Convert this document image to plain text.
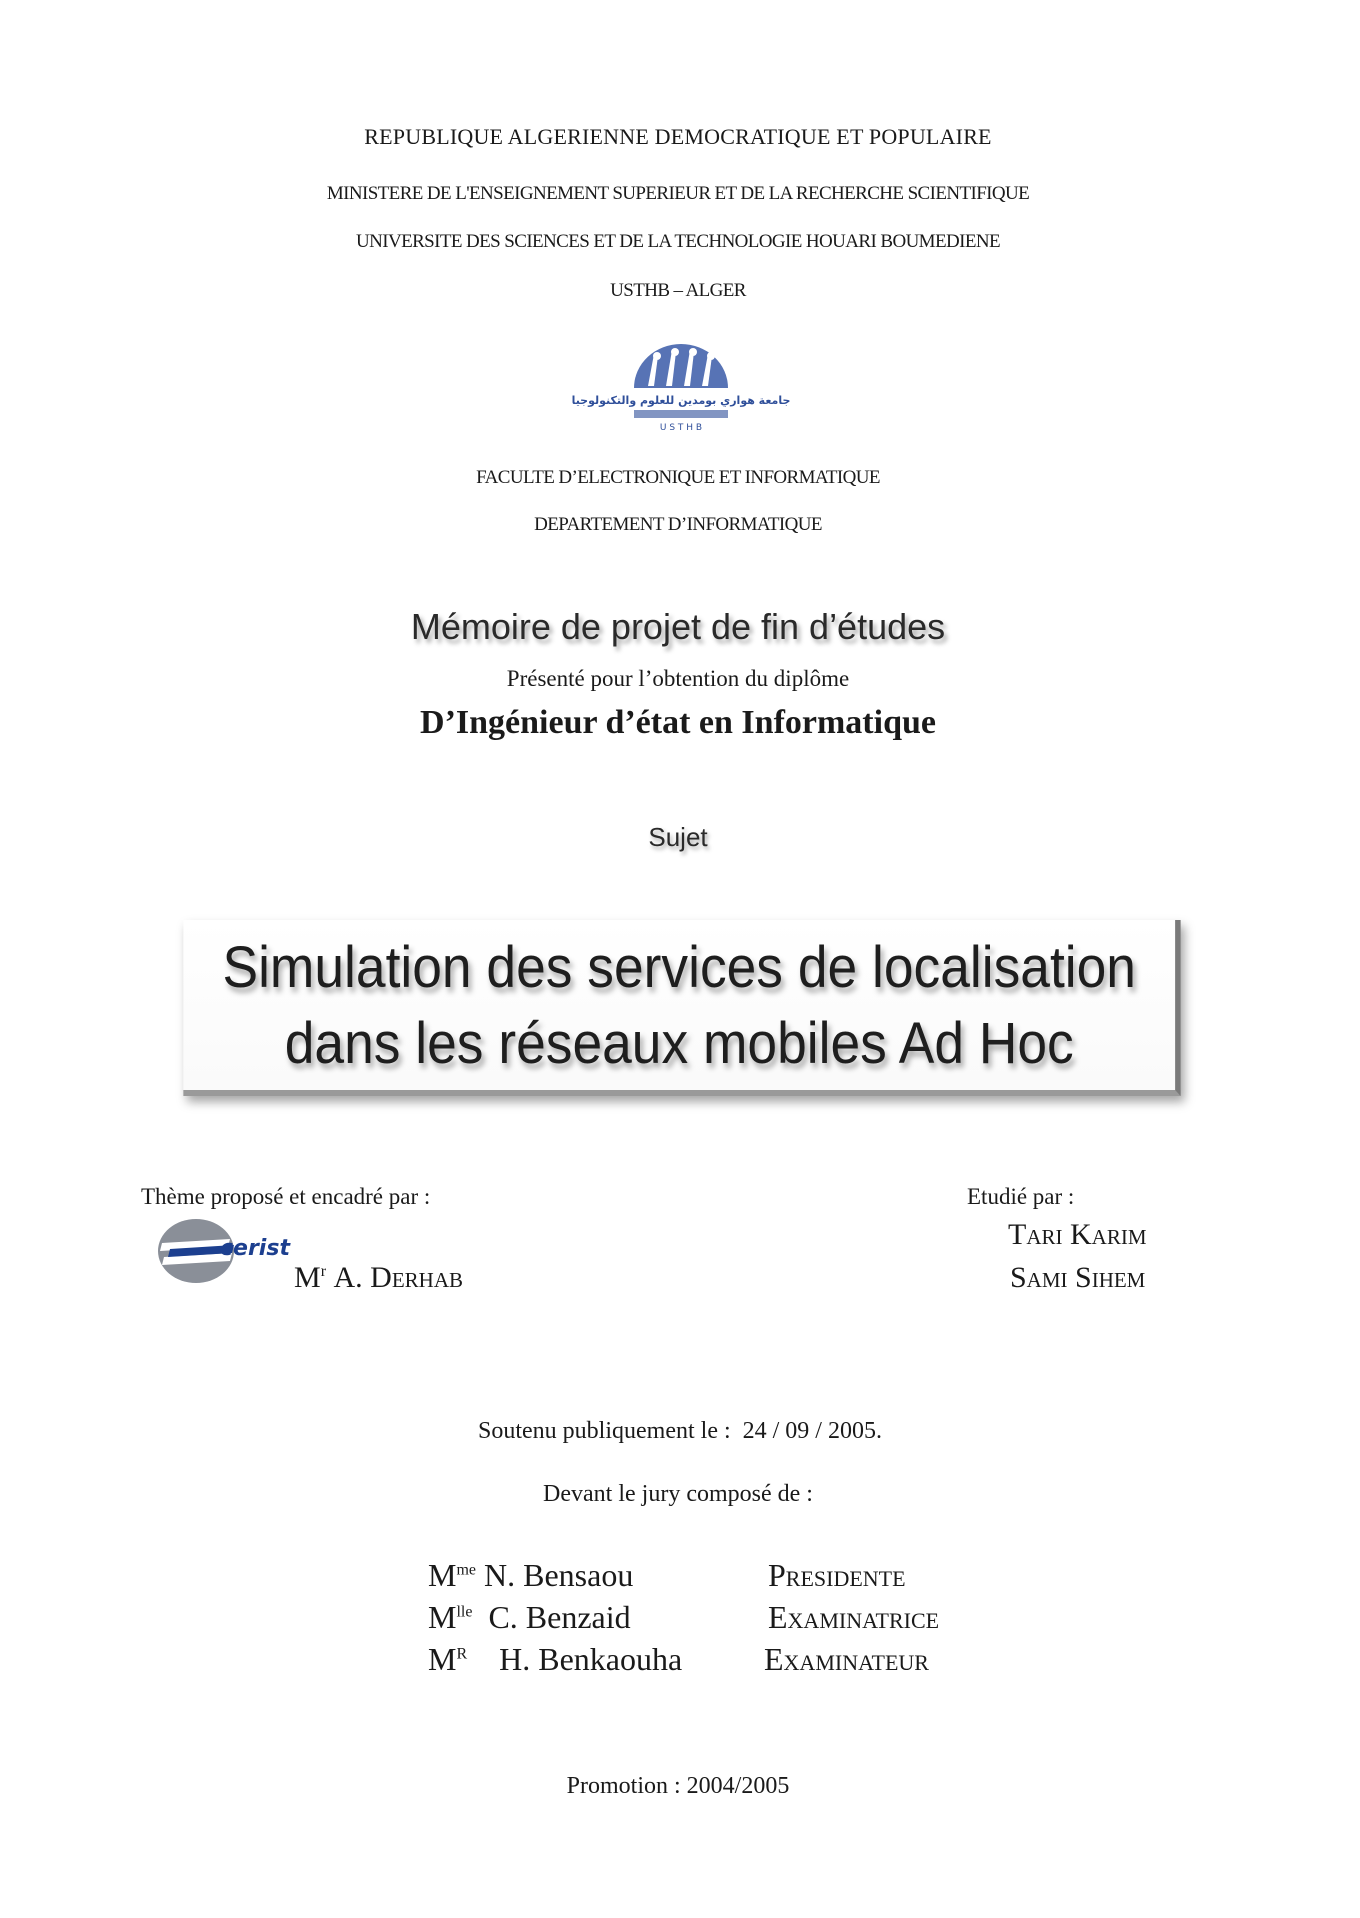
REPUBLIQUE ALGERIENNE DEMOCRATIQUE ET POPULAIRE
MINISTERE DE L'ENSEIGNEMENT SUPERIEUR ET DE LA RECHERCHE SCIENTIFIQUE
UNIVERSITE DES SCIENCES ET DE LA TECHNOLOGIE HOUARI BOUMEDIENE
USTHB – ALGER
جامعة هواري بومدين للعلوم والتكنولوجيا
U S T H B
FACULTE D’ELECTRONIQUE ET INFORMATIQUE
DEPARTEMENT D’INFORMATIQUE
Mémoire de projet de fin d’études
Présenté pour l’obtention du diplôme
D’Ingénieur d’état en Informatique
Sujet
Simulation des services de localisation
dans les réseaux mobiles Ad Hoc
Thème proposé et encadré par :	Etudié par :
cerist
$M^r$ A. Derhab
Tari Karim
Sami Sihem
Soutenu publiquement le : 24 / 09 / 2005.
Devant le jury composé de :
$M^{me}$ N. Bensaou	Presidente
$M^{lle}$ C. Benzaid	Examinatrice
$M^R$ H. Benkaouha	Examinateur
Promotion : 2004/2005
